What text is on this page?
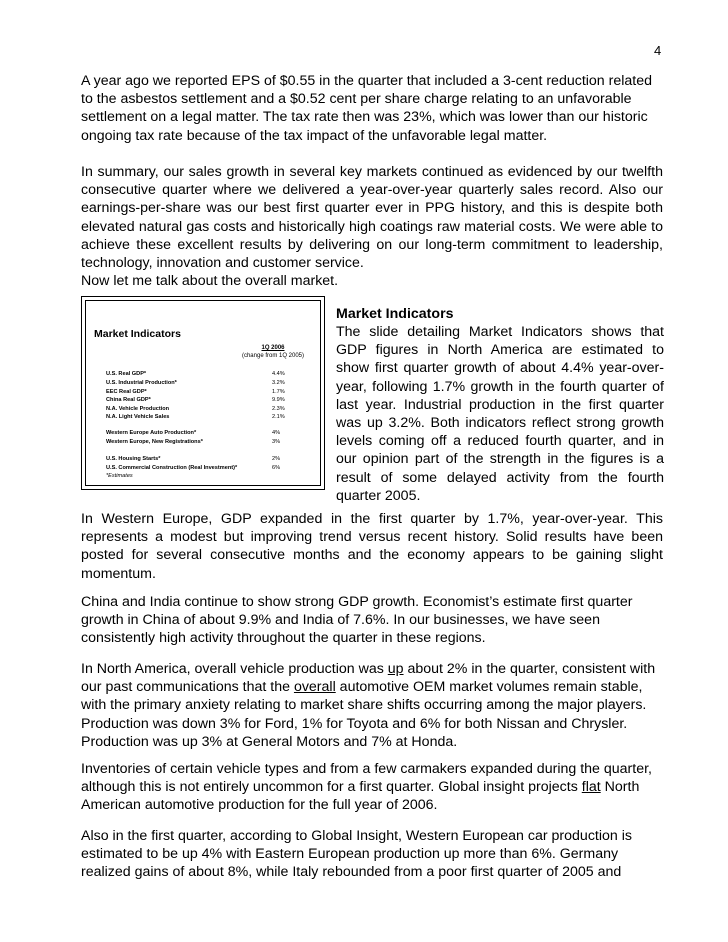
4

A year ago we reported EPS of $0.55 in the quarter that included a 3-cent reduction related to the asbestos settlement and a $0.52 cent per share charge relating to an unfavorable settlement on a legal matter. The tax rate then was 23%, which was lower than our historic ongoing tax rate because of the tax impact of the unfavorable legal matter.

In summary, our sales growth in several key markets continued as evidenced by our twelfth consecutive quarter where we delivered a year-over-year quarterly sales record. Also our earnings-per-share was our best first quarter ever in PPG history, and this is despite both elevated natural gas costs and historically high coatings raw material costs. We were able to achieve these excellent results by delivering on our long-term commitment to leadership, technology, innovation and customer service.

Now let me talk about the overall market.

Market Indicators
1Q 2006
(change from 1Q 2005)
U.S. Real GDP*	4.4%
U.S. Industrial Production*	3.2%
EEC Real GDP*	1.7%
China Real GDP*	9.9%
N.A. Vehicle Production	2.3%
N.A. Light Vehicle Sales	2.1%
Western Europe Auto Production*	4%
Western Europe, New Registrations*	3%
U.S. Housing Starts*	2%
U.S. Commercial Construction (Real Investment)*	6%
*Estimates
Market Indicators
The slide detailing Market Indicators shows that GDP figures in North America are estimated to show first quarter growth of about 4.4% year-over-year, following 1.7% growth in the fourth quarter of last year. Industrial production in the first quarter was up 3.2%. Both indicators reflect strong growth levels coming off a reduced fourth quarter, and in our opinion part of the strength in the figures is a result of some delayed activity from the fourth quarter 2005.

In Western Europe, GDP expanded in the first quarter by 1.7%, year-over-year. This represents a modest but improving trend versus recent history. Solid results have been posted for several consecutive months and the economy appears to be gaining slight momentum.

China and India continue to show strong GDP growth. Economist’s estimate first quarter growth in China of about 9.9% and India of 7.6%. In our businesses, we have seen consistently high activity throughout the quarter in these regions.

In North America, overall vehicle production was up about 2% in the quarter, consistent with our past communications that the overall automotive OEM market volumes remain stable, with the primary anxiety relating to market share shifts occurring among the major players. Production was down 3% for Ford, 1% for Toyota and 6% for both Nissan and Chrysler. Production was up 3% at General Motors and 7% at Honda.

Inventories of certain vehicle types and from a few carmakers expanded during the quarter, although this is not entirely uncommon for a first quarter. Global insight projects flat North American automotive production for the full year of 2006.

Also in the first quarter, according to Global Insight, Western European car production is estimated to be up 4% with Eastern European production up more than 6%. Germany realized gains of about 8%, while Italy rebounded from a poor first quarter of 2005 and
